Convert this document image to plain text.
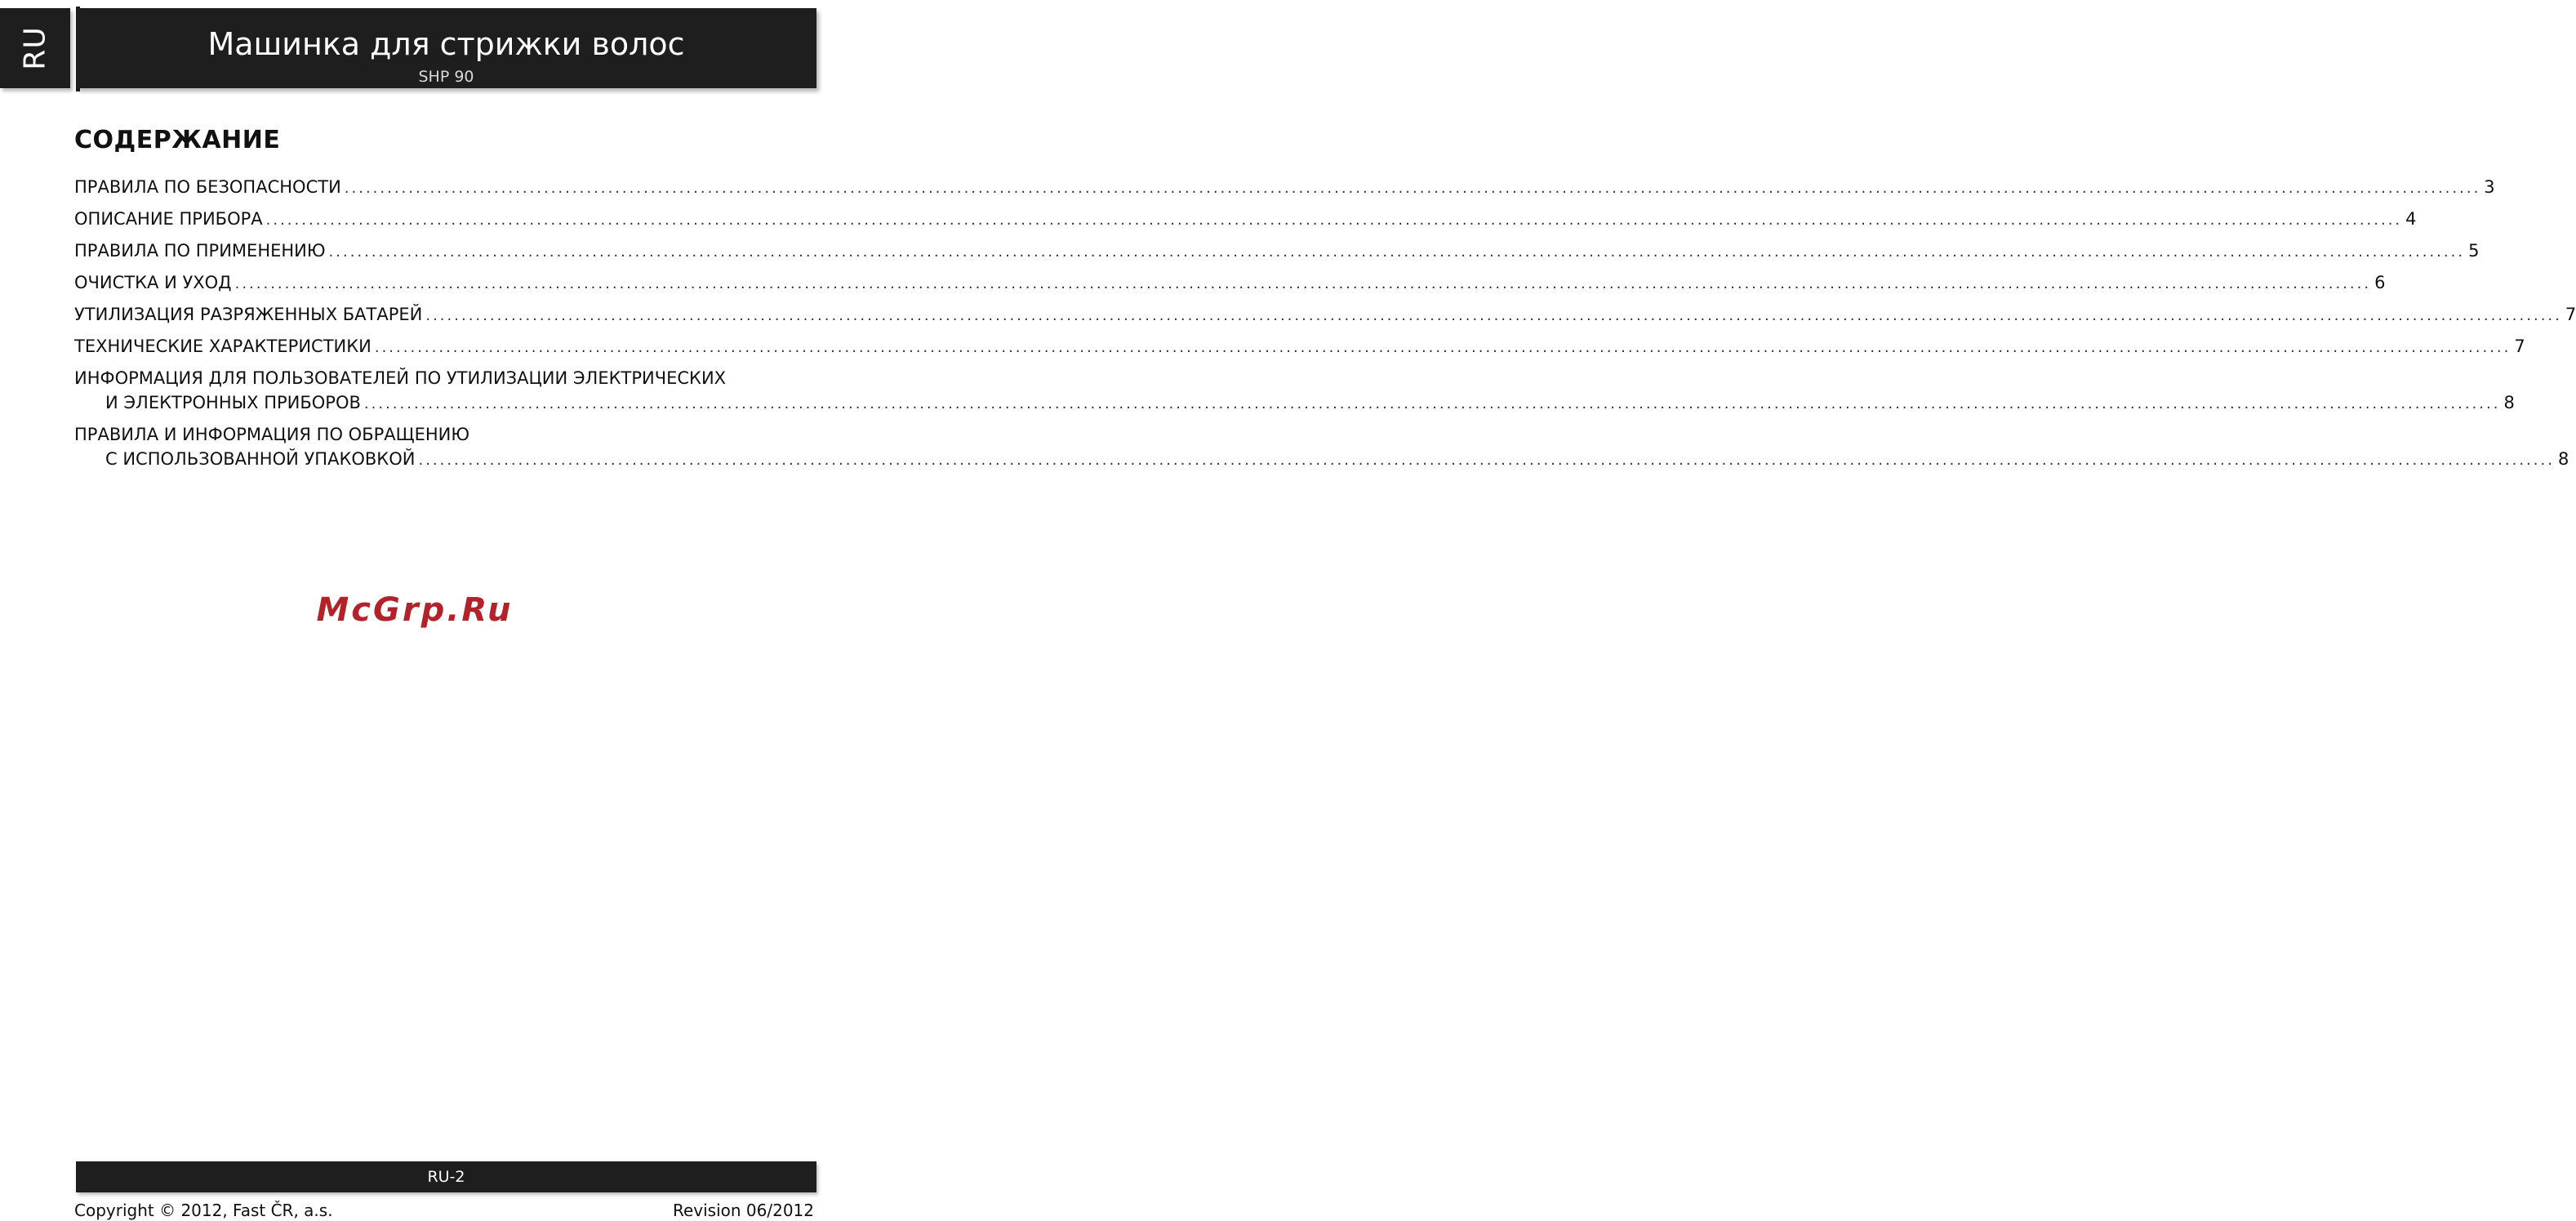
RU	Машинка для стрижки волос
SHP 90
СОДЕРЖАНИЕ
ПРАВИЛА ПО БЕЗОПАСНОСТИ ............................................................................................................................................................................................................................................................................................................ 3
ОПИСАНИЕ ПРИБОРА ............................................................................................................................................................................................................................................................................................................ 4
ПРАВИЛА ПО ПРИМЕНЕНИЮ ............................................................................................................................................................................................................................................................................................................ 5
ОЧИСТКА И УХОД ............................................................................................................................................................................................................................................................................................................ 6
УТИЛИЗАЦИЯ РАЗРЯЖЕННЫХ БАТАРЕЙ ............................................................................................................................................................................................................................................................................................................ 7
ТЕХНИЧЕСКИЕ ХАРАКТЕРИСТИКИ ............................................................................................................................................................................................................................................................................................................ 7
ИНФОРМАЦИЯ ДЛЯ ПОЛЬЗОВАТЕЛЕЙ ПО УТИЛИЗАЦИИ ЭЛЕКТРИЧЕСКИХ
И ЭЛЕКТРОННЫХ ПРИБОРОВ ............................................................................................................................................................................................................................................................................................................ 8
ПРАВИЛА И ИНФОРМАЦИЯ ПО ОБРАЩЕНИЮ
С ИСПОЛЬЗОВАННОЙ УПАКОВКОЙ ............................................................................................................................................................................................................................................................................................................ 8
McGrp.Ru
RU-2
Copyright © 2012, Fast ČR, a.s.	Revision 06/2012
